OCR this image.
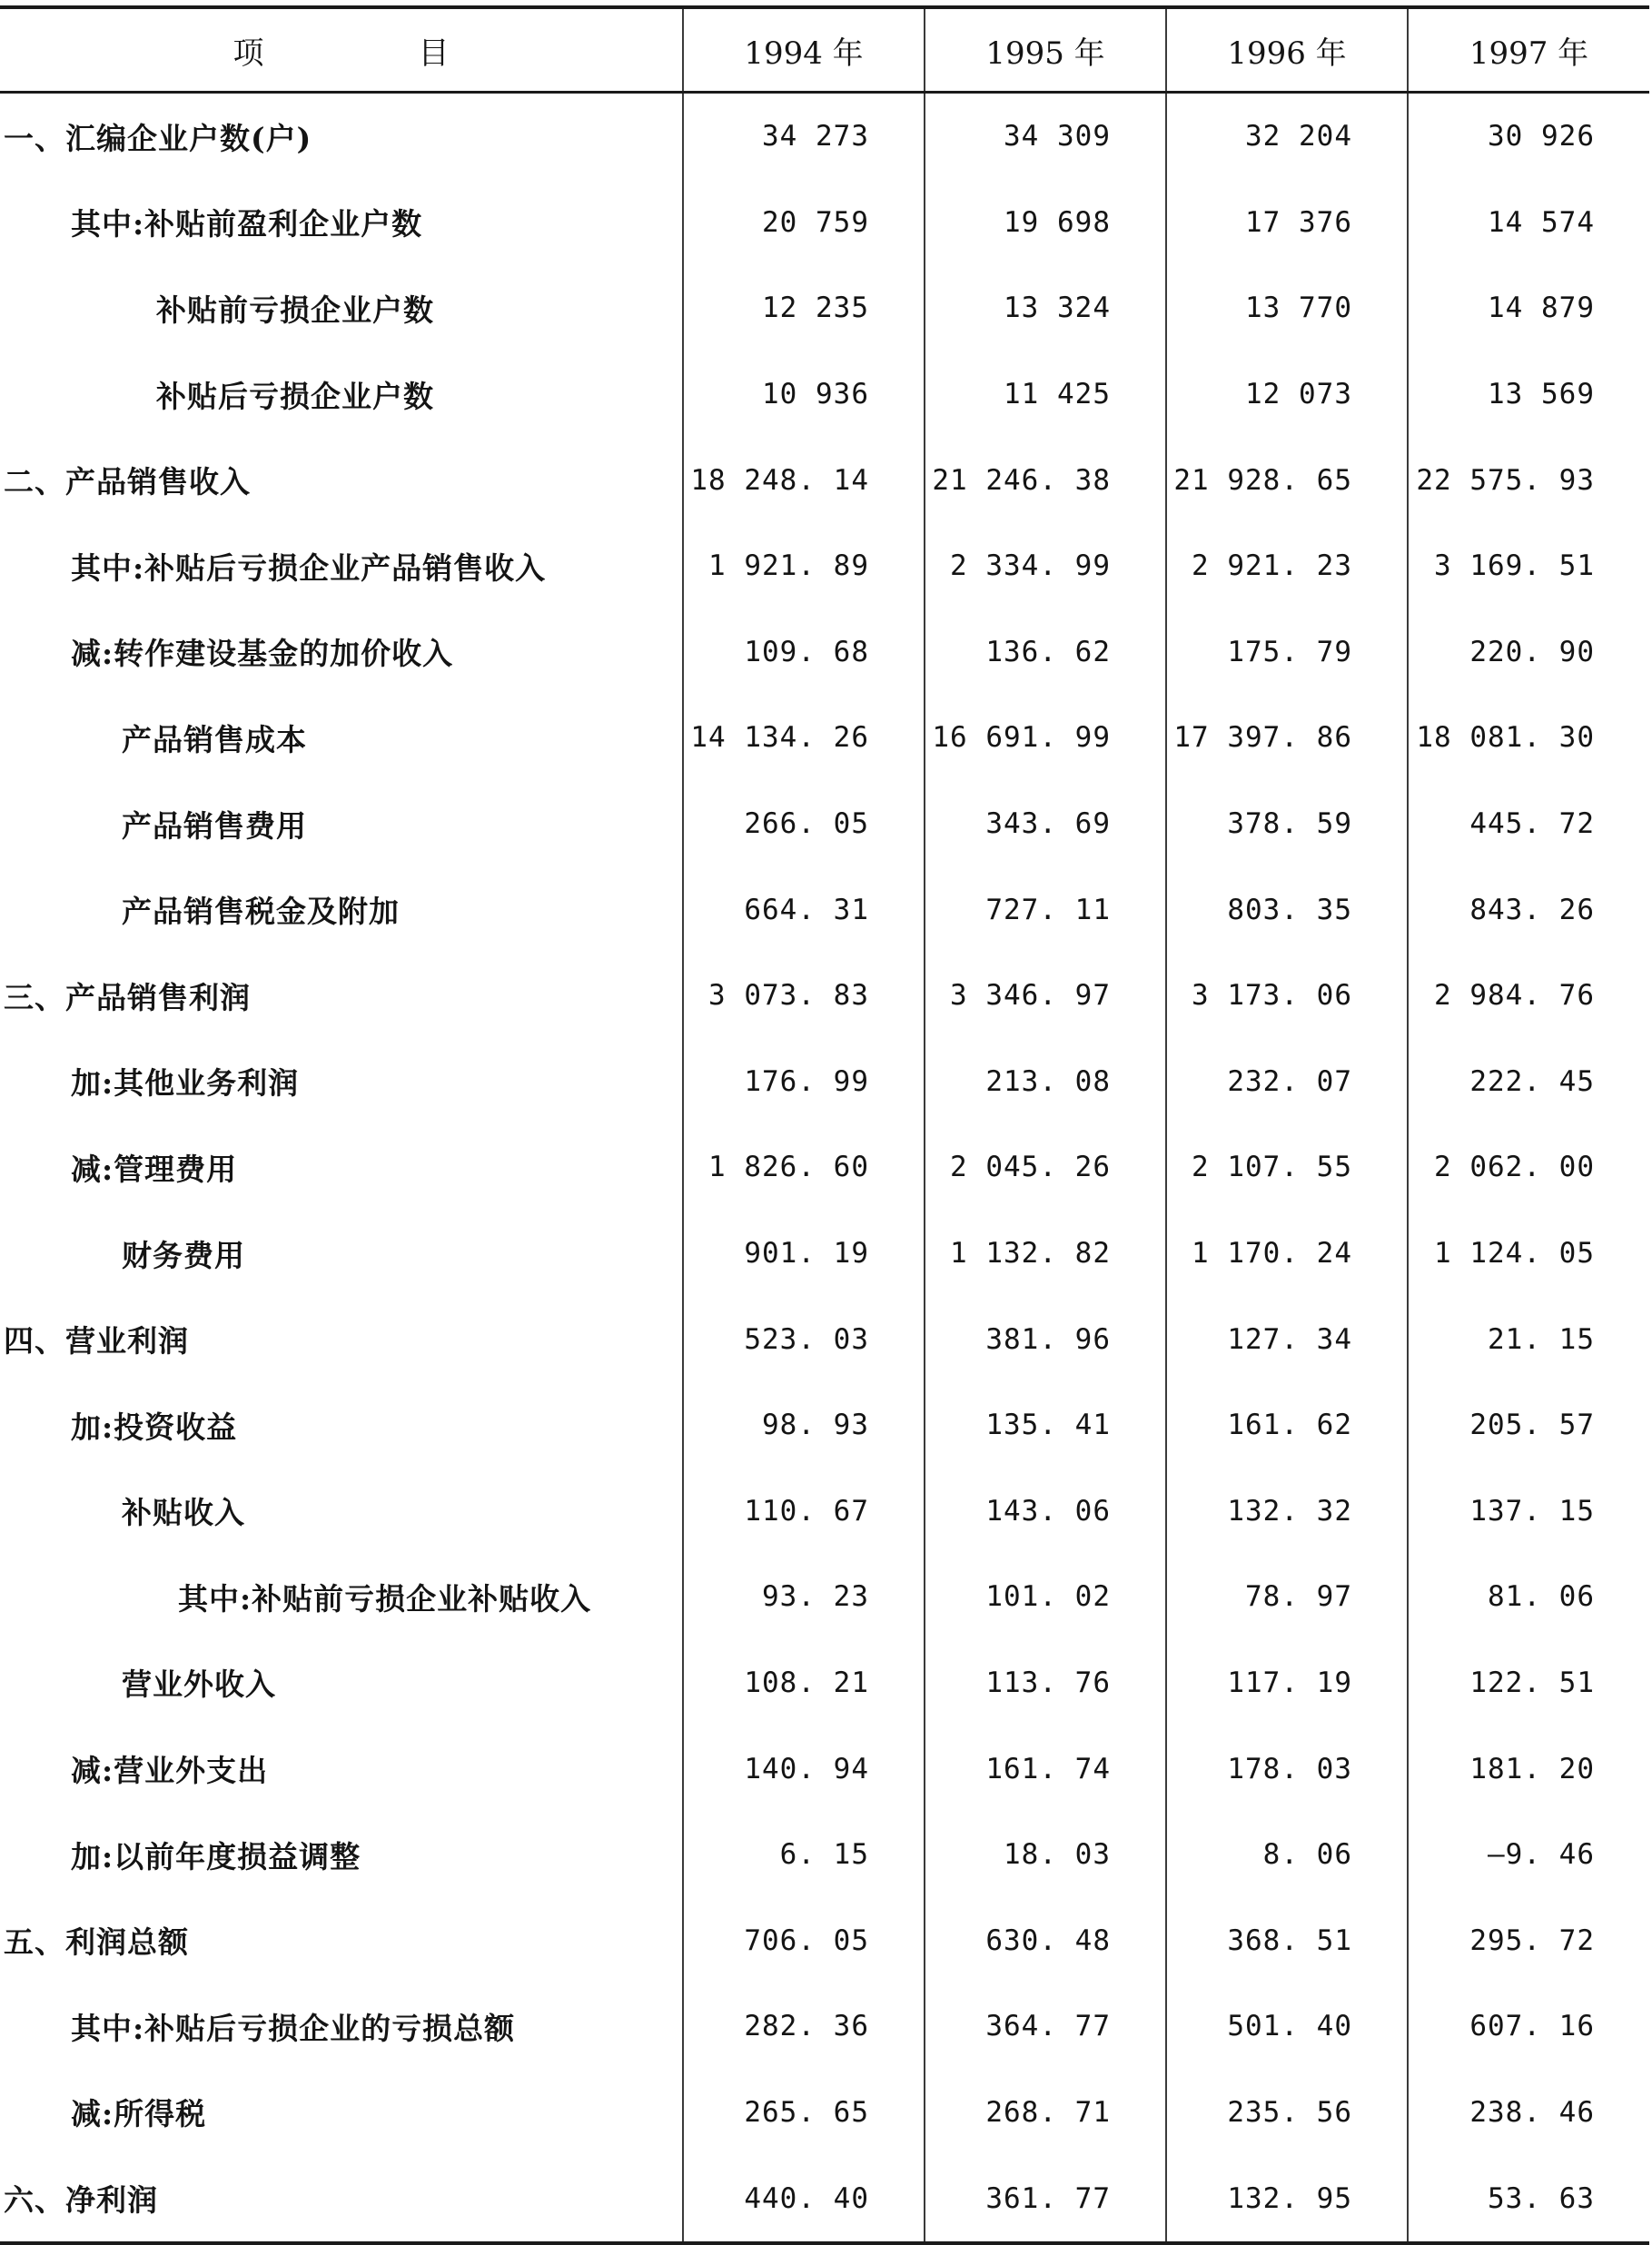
项 目	1994 年	1995 年	1996 年	1997 年
一、汇编企业户数(户)	34 273	34 309	32 204	30 926
其中:补贴前盈利企业户数	20 759	19 698	17 376	14 574
补贴前亏损企业户数	12 235	13 324	13 770	14 879
补贴后亏损企业户数	10 936	11 425	12 073	13 569
二、产品销售收入	18 248. 14	21 246. 38	21 928. 65	22 575. 93
其中:补贴后亏损企业产品销售收入	1 921. 89	2 334. 99	2 921. 23	3 169. 51
减:转作建设基金的加价收入	109. 68	136. 62	175. 79	220. 90
产品销售成本	14 134. 26	16 691. 99	17 397. 86	18 081. 30
产品销售费用	266. 05	343. 69	378. 59	445. 72
产品销售税金及附加	664. 31	727. 11	803. 35	843. 26
三、产品销售利润	3 073. 83	3 346. 97	3 173. 06	2 984. 76
加:其他业务利润	176. 99	213. 08	232. 07	222. 45
减:管理费用	1 826. 60	2 045. 26	2 107. 55	2 062. 00
财务费用	901. 19	1 132. 82	1 170. 24	1 124. 05
四、营业利润	523. 03	381. 96	127. 34	21. 15
加:投资收益	98. 93	135. 41	161. 62	205. 57
补贴收入	110. 67	143. 06	132. 32	137. 15
其中:补贴前亏损企业补贴收入	93. 23	101. 02	78. 97	81. 06
营业外收入	108. 21	113. 76	117. 19	122. 51
减:营业外支出	140. 94	161. 74	178. 03	181. 20
加:以前年度损益调整	6. 15	18. 03	8. 06	—9. 46
五、利润总额	706. 05	630. 48	368. 51	295. 72
其中:补贴后亏损企业的亏损总额	282. 36	364. 77	501. 40	607. 16
减:所得税	265. 65	268. 71	235. 56	238. 46
六、净利润	440. 40	361. 77	132. 95	53. 63
